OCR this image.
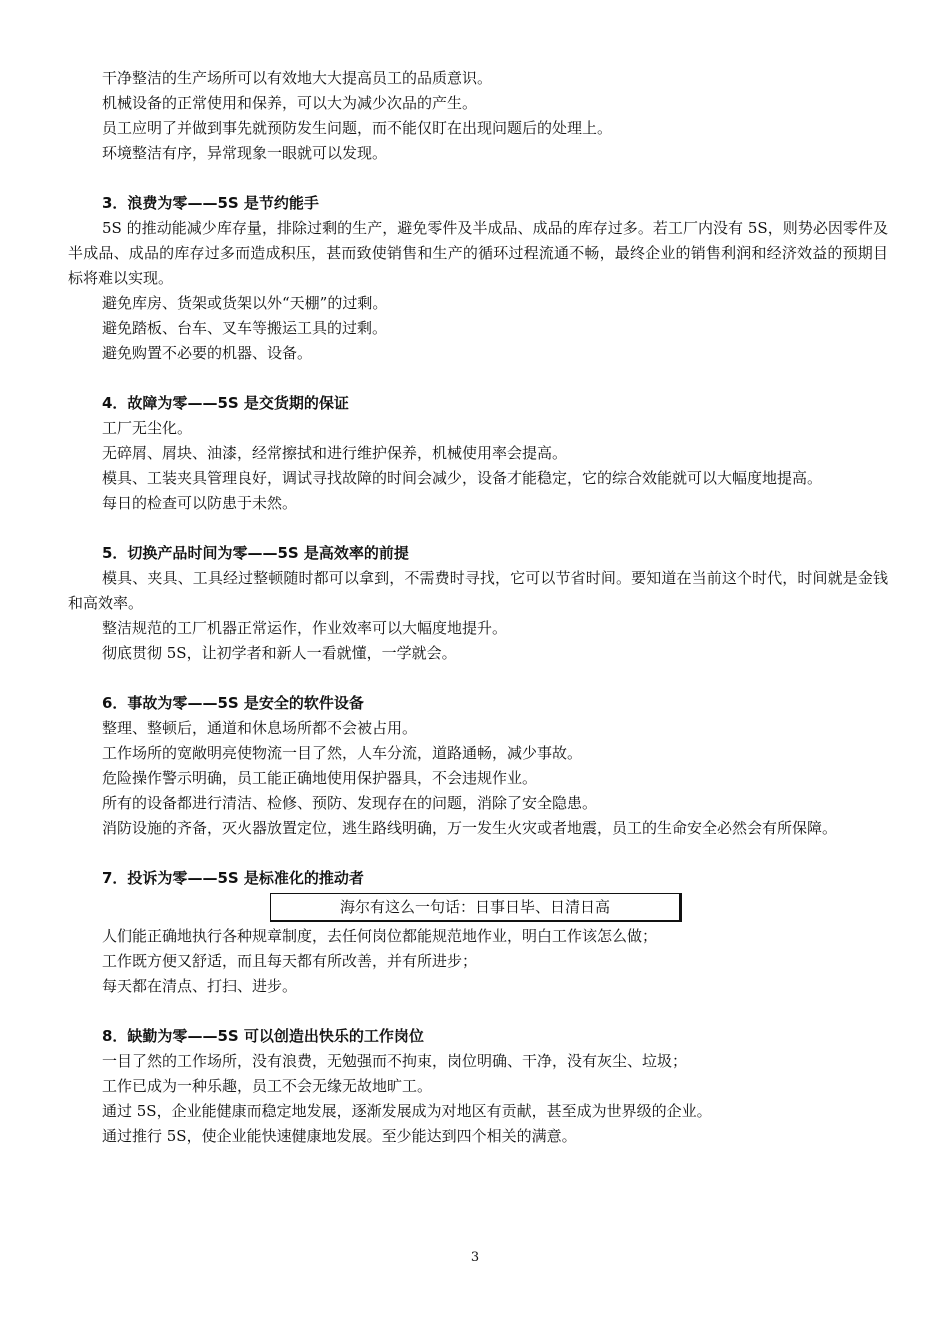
干净整洁的生产场所可以有效地大大提高员工的品质意识。

机械设备的正常使用和保养，可以大为减少次品的产生。

员工应明了并做到事先就预防发生问题，而不能仅盯在出现问题后的处理上。

环境整洁有序，异常现象一眼就可以发现。

3．浪费为零——5S 是节约能手

5S 的推动能减少库存量，排除过剩的生产，避免零件及半成品、成品的库存过多。若工厂内没有 5S，则势必因零件及半成品、成品的库存过多而造成积压，甚而致使销售和生产的循环过程流通不畅，最终企业的销售利润和经济效益的预期目标将难以实现。

避免库房、货架或货架以外“天棚”的过剩。

避免踏板、台车、叉车等搬运工具的过剩。

避免购置不必要的机器、设备。

4．故障为零——5S 是交货期的保证

工厂无尘化。

无碎屑、屑块、油漆，经常擦拭和进行维护保养，机械使用率会提高。

模具、工装夹具管理良好，调试寻找故障的时间会减少，设备才能稳定，它的综合效能就可以大幅度地提高。

每日的检查可以防患于未然。

5．切换产品时间为零——5S 是高效率的前提

模具、夹具、工具经过整顿随时都可以拿到，不需费时寻找，它可以节省时间。要知道在当前这个时代，时间就是金钱和高效率。

整洁规范的工厂机器正常运作，作业效率可以大幅度地提升。

彻底贯彻 5S，让初学者和新人一看就懂，一学就会。

6．事故为零——5S 是安全的软件设备

整理、整顿后，通道和休息场所都不会被占用。

工作场所的宽敞明亮使物流一目了然，人车分流，道路通畅，减少事故。

危险操作警示明确，员工能正确地使用保护器具，不会违规作业。

所有的设备都进行清洁、检修、预防、发现存在的问题，消除了安全隐患。

消防设施的齐备，灭火器放置定位，逃生路线明确，万一发生火灾或者地震，员工的生命安全必然会有所保障。

7．投诉为零——5S 是标准化的推动者

海尔有这么一句话：日事日毕、日清日高

人们能正确地执行各种规章制度，去任何岗位都能规范地作业，明白工作该怎么做；

工作既方便又舒适，而且每天都有所改善，并有所进步；

每天都在清点、打扫、进步。

8．缺勤为零——5S 可以创造出快乐的工作岗位

一目了然的工作场所，没有浪费，无勉强而不拘束，岗位明确、干净，没有灰尘、垃圾；

工作已成为一种乐趣，员工不会无缘无故地旷工。

通过 5S，企业能健康而稳定地发展，逐渐发展成为对地区有贡献，甚至成为世界级的企业。

通过推行 5S，使企业能快速健康地发展。至少能达到四个相关的满意。

3
